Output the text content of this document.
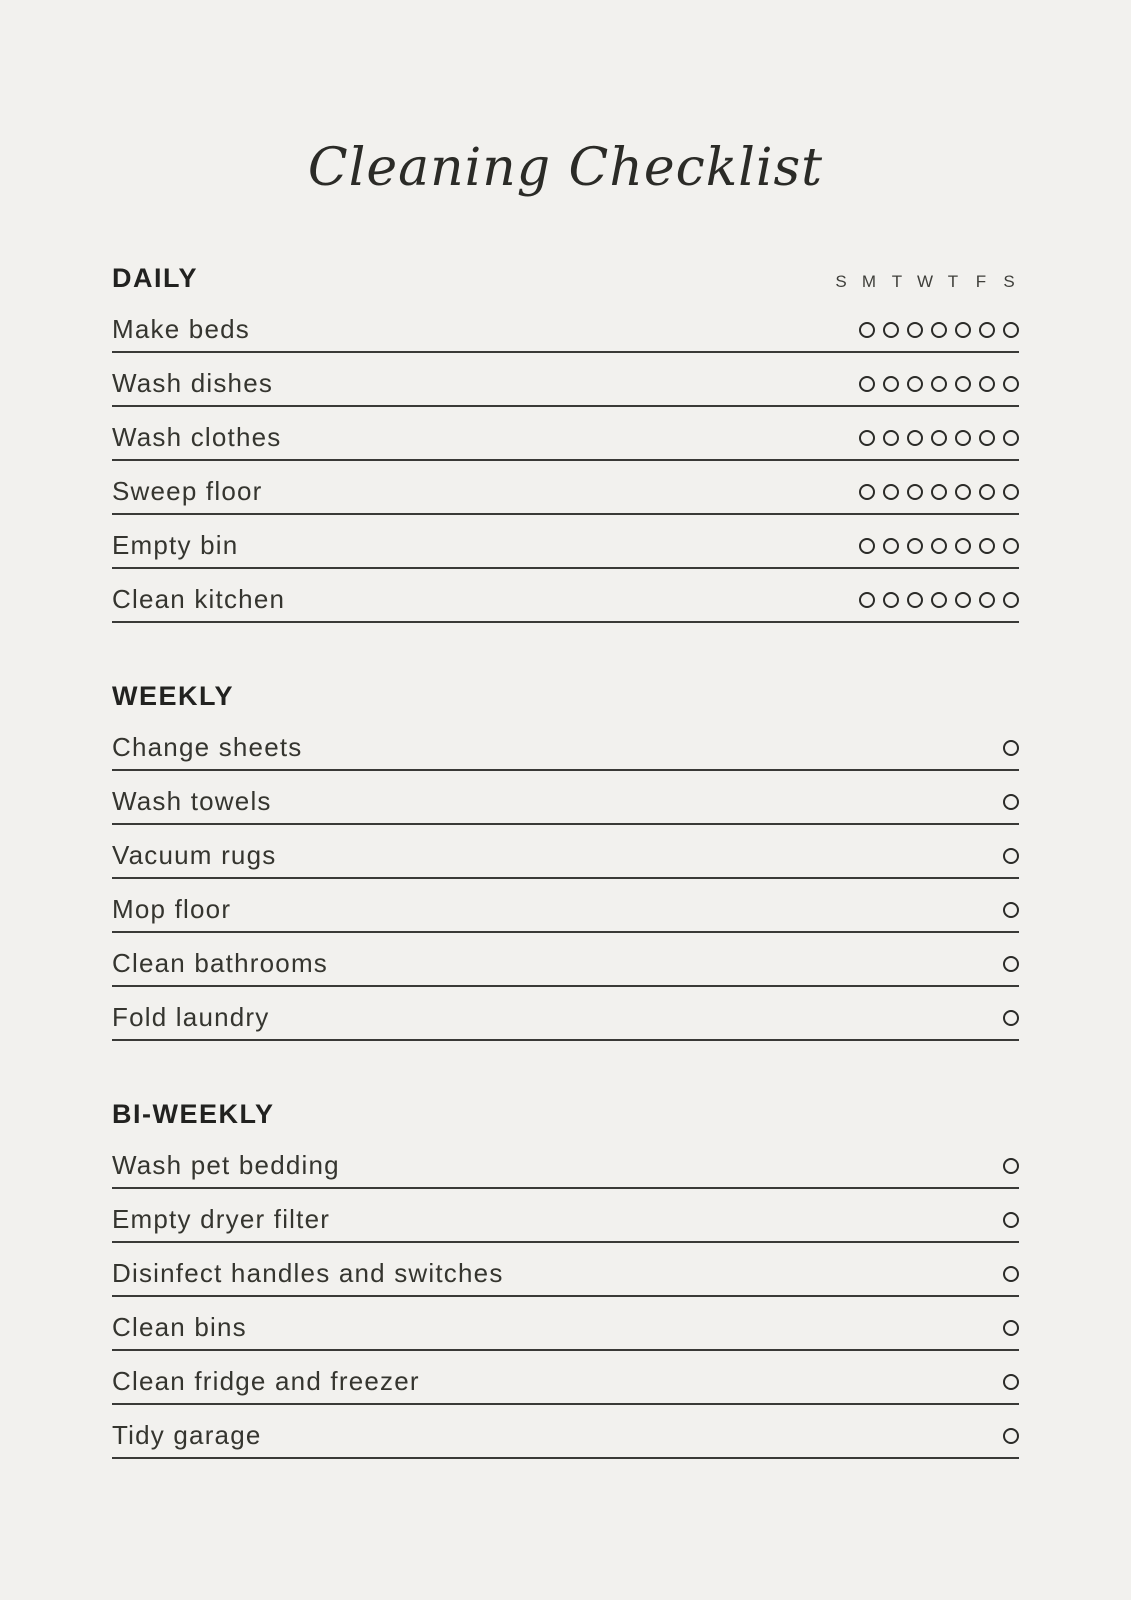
Cleaning Checklist
DAILY	S M T W T F S
Make beds
Wash dishes
Wash clothes
Sweep floor
Empty bin
Clean kitchen
WEEKLY
Change sheets
Wash towels
Vacuum rugs
Mop floor
Clean bathrooms
Fold laundry
BI-WEEKLY
Wash pet bedding
Empty dryer filter
Disinfect handles and switches
Clean bins
Clean fridge and freezer
Tidy garage
